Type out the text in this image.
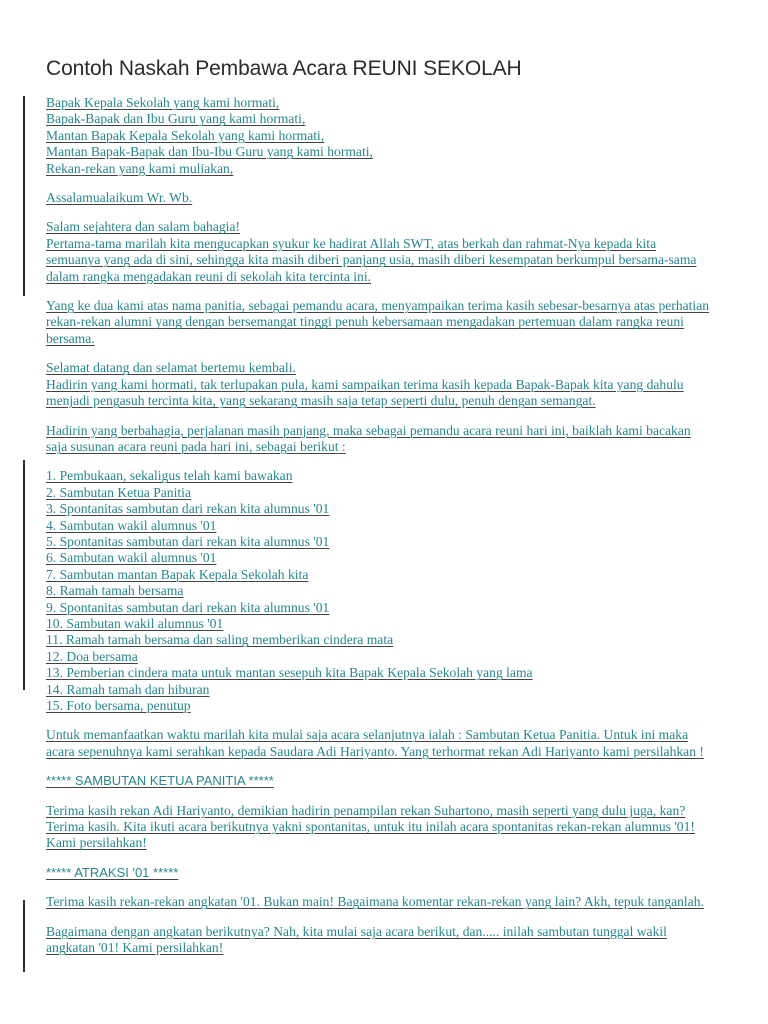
Contoh Naskah Pembawa Acara REUNI SEKOLAH
Bapak Kepala Sekolah yang kami hormati,
Bapak-Bapak dan Ibu Guru yang kami hormati,
Mantan Bapak Kepala Sekolah yang kami hormati,
Mantan Bapak-Bapak dan Ibu-Ibu Guru yang kami hormati,
Rekan-rekan yang kami muliakan,
Assalamualaikum Wr. Wb.
Salam sejahtera dan salam bahagia!
Pertama-tama marilah kita mengucapkan syukur ke hadirat Allah SWT, atas berkah dan rahmat-Nya kepada kita
semuanya yang ada di sini, sehingga kita masih diberi panjang usia, masih diberi kesempatan berkumpul bersama-sama
dalam rangka mengadakan reuni di sekolah kita tercinta ini.
Yang ke dua kami atas nama panitia, sebagai pemandu acara, menyampaikan terima kasih sebesar-besarnya atas perhatian
rekan-rekan alumni yang dengan bersemangat tinggi penuh kebersamaan mengadakan pertemuan dalam rangka reuni
bersama.
Selamat datang dan selamat bertemu kembali.
Hadirin yang kami hormati, tak terlupakan pula, kami sampaikan terima kasih kepada Bapak-Bapak kita yang dahulu
menjadi pengasuh tercinta kita, yang sekarang masih saja tetap seperti dulu, penuh dengan semangat.
Hadirin yang berbahagia, perjalanan masih panjang, maka sebagai pemandu acara reuni hari ini, baiklah kami bacakan
saja susunan acara reuni pada hari ini, sebagai berikut :
1. Pembukaan, sekaligus telah kami bawakan
2. Sambutan Ketua Panitia
3. Spontanitas sambutan dari rekan kita alumnus '01
4. Sambutan wakil alumnus '01
5. Spontanitas sambutan dari rekan kita alumnus '01
6. Sambutan wakil alumnus '01
7. Sambutan mantan Bapak Kepala Sekolah kita
8. Ramah tamah bersama
9. Spontanitas sambutan dari rekan kita alumnus '01
10. Sambutan wakil alumnus '01
11. Ramah tamah bersama dan saling memberikan cindera mata
12. Doa bersama
13. Pemberian cindera mata untuk mantan sesepuh kita Bapak Kepala Sekolah yang lama
14. Ramah tamah dan hiburan
15. Foto bersama, penutup
Untuk memanfaatkan waktu marilah kita mulai saja acara selanjutnya ialah : Sambutan Ketua Panitia. Untuk ini maka
acara sepenuhnya kami serahkan kepada Saudara Adi Hariyanto. Yang terhormat rekan Adi Hariyanto kami persilahkan !
***** SAMBUTAN KETUA PANITIA *****
Terima kasih rekan Adi Hariyanto, demikian hadirin penampilan rekan Suhartono, masih seperti yang dulu juga, kan?
Terima kasih. Kita ikuti acara berikutnya yakni spontanitas, untuk itu inilah acara spontanitas rekan-rekan alumnus '01!
Kami persilahkan!
***** ATRAKSI '01 *****
Terima kasih rekan-rekan angkatan '01. Bukan main! Bagaimana komentar rekan-rekan yang lain? Akh, tepuk tanganlah.
Bagaimana dengan angkatan berikutnya? Nah, kita mulai saja acara berikut, dan..... inilah sambutan tunggal wakil
angkatan '01! Kami persilahkan!
